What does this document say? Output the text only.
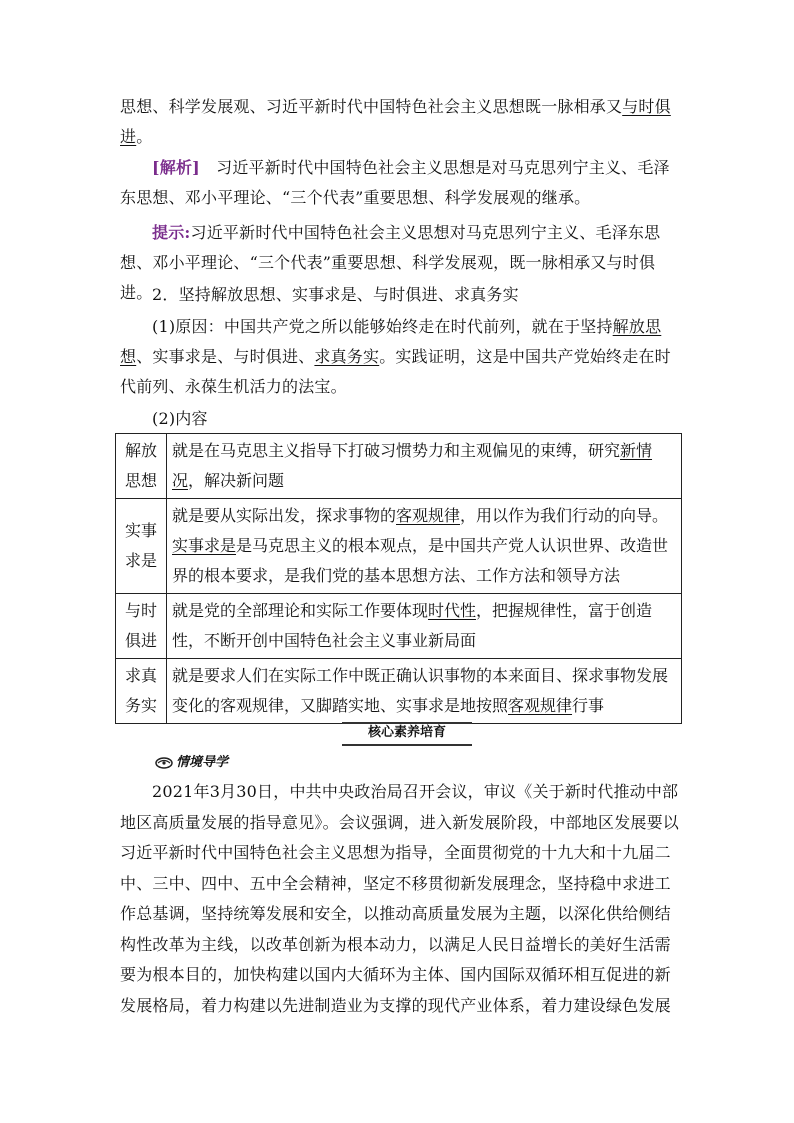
思想、科学发展观、习近平新时代中国特色社会主义思想既一脉相承又与时俱进。

[解析]　习近平新时代中国特色社会主义思想是对马克思列宁主义、毛泽东思想、邓小平理论、“三个代表”重要思想、科学发展观的继承。

提示:习近平新时代中国特色社会主义思想对马克思列宁主义、毛泽东思想、邓小平理论、“三个代表”重要思想、科学发展观，既一脉相承又与时俱进。 2．坚持解放思想、实事求是、与时俱进、求真务实

(1)原因：中国共产党之所以能够始终走在时代前列，就在于坚持解放思想、实事求是、与时俱进、求真务实。实践证明，这是中国共产党始终走在时代前列、永葆生机活力的法宝。

(2)内容

解放思想	就是在马克思主义指导下打破习惯势力和主观偏见的束缚，研究新情况，解决新问题
实事求是	就是要从实际出发，探求事物的客观规律，用以作为我们行动的向导。实事求是是马克思主义的根本观点，是中国共产党人认识世界、改造世界的根本要求，是我们党的基本思想方法、工作方法和领导方法
与时俱进	就是党的全部理论和实际工作要体现时代性，把握规律性，富于创造性，不断开创中国特色社会主义事业新局面
求真务实	就是要求人们在实际工作中既正确认识事物的本来面目、探求事物发展变化的客观规律，又脚踏实地、实事求是地按照客观规律行事
核心素养培育
情境导学

2021年3月30日，中共中央政治局召开会议，审议《关于新时代推动中部地区高质量发展的指导意见》。会议强调，进入新发展阶段，中部地区发展要以习近平新时代中国特色社会主义思想为指导，全面贯彻党的十九大和十九届二中、三中、四中、五中全会精神，坚定不移贯彻新发展理念，坚持稳中求进工作总基调，坚持统筹发展和安全，以推动高质量发展为主题，以深化供给侧结构性改革为主线，以改革创新为根本动力，以满足人民日益增长的美好生活需要为根本目的，加快构建以国内大循环为主体、国内国际双循环相互促进的新发展格局，着力构建以先进制造业为支撑的现代产业体系，着力建设绿色发展
